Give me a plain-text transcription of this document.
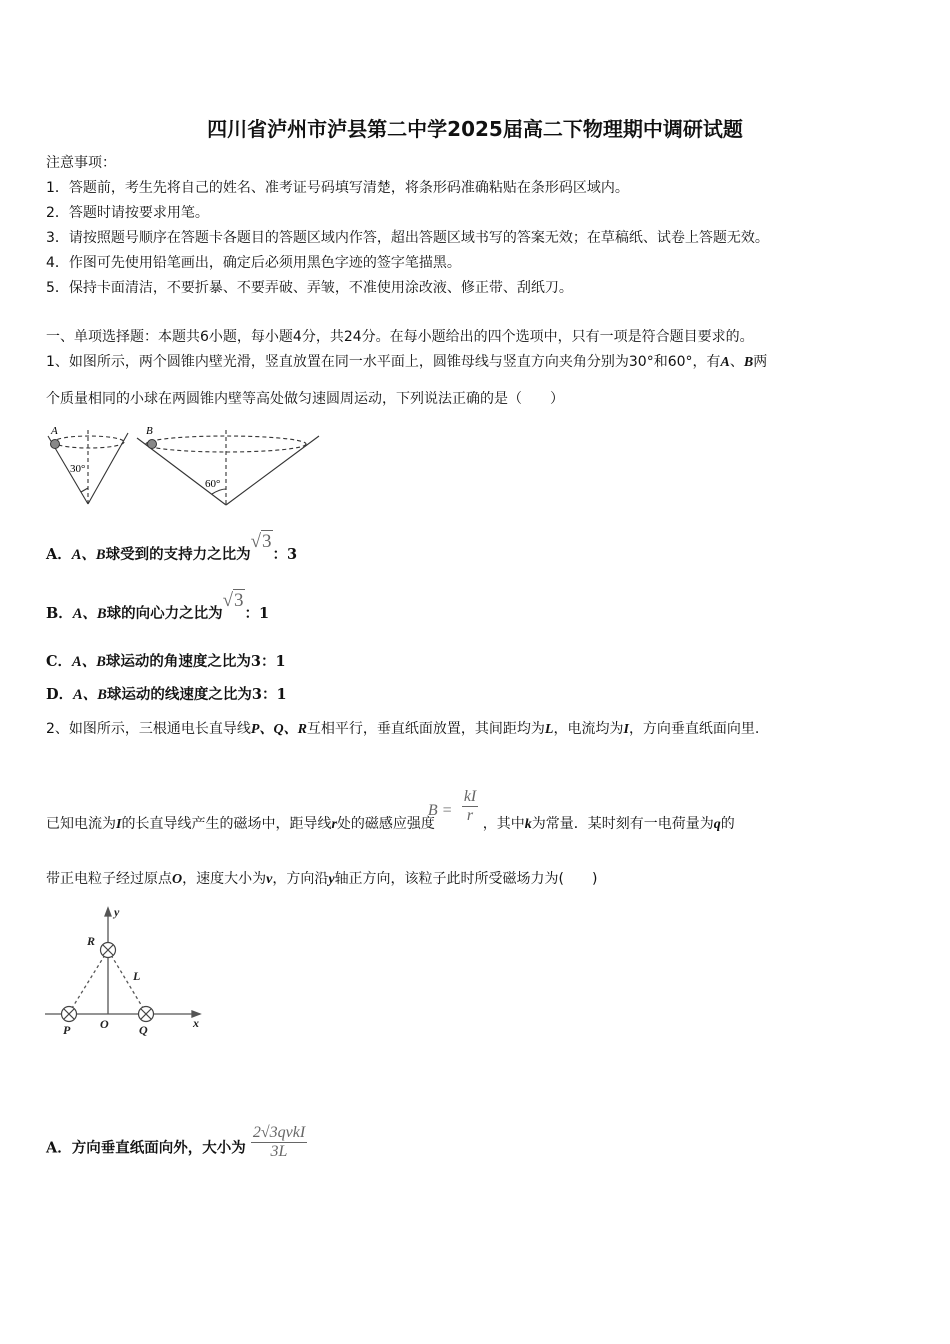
四川省泸州市泸县第二中学2025届高二下物理期中调研试题
注意事项：
1．答题前，考生先将自己的姓名、准考证号码填写清楚，将条形码准确粘贴在条形码区域内。
2．答题时请按要求用笔。
3．请按照题号顺序在答题卡各题目的答题区域内作答，超出答题区域书写的答案无效；在草稿纸、试卷上答题无效。
4．作图可先使用铅笔画出，确定后必须用黑色字迹的签字笔描黑。
5．保持卡面清洁，不要折暴、不要弄破、弄皱，不准使用涂改液、修正带、刮纸刀。
一、单项选择题：本题共6小题，每小题4分，共24分。在每小题给出的四个选项中，只有一项是符合题目要求的。
1、如图所示，两个圆锥内壁光滑，竖直放置在同一水平面上，圆锥母线与竖直方向夹角分别为30°和60°，有A、B两
个质量相同的小球在两圆锥内壁等高处做匀速圆周运动，下列说法正确的是（　　）
A	B
30°
60°
A．A、B球受到的支持力之比为√3：3
B．A、B球的向心力之比为√3：1
C．A、B球运动的角速度之比为3：1
D．A、B球运动的线速度之比为3：1
2、如图所示，三根通电长直导线P、Q、R互相平行，垂直纸面放置，其间距均为L，电流均为I，方向垂直纸面向里.
已知电流为I的长直导线产生的磁场中，距导线r处的磁感应强度
B =
kI
r ，其中k为常量．某时刻有一电荷量为q的
带正电粒子经过原点O，速度大小为v，方向沿y轴正方向，该粒子此时所受磁场力为(　　)
y
x
R
P O	Q
L
A．方向垂直纸面向外，大小为 $\frac{\text{2√3qvkI}}{3L}$
